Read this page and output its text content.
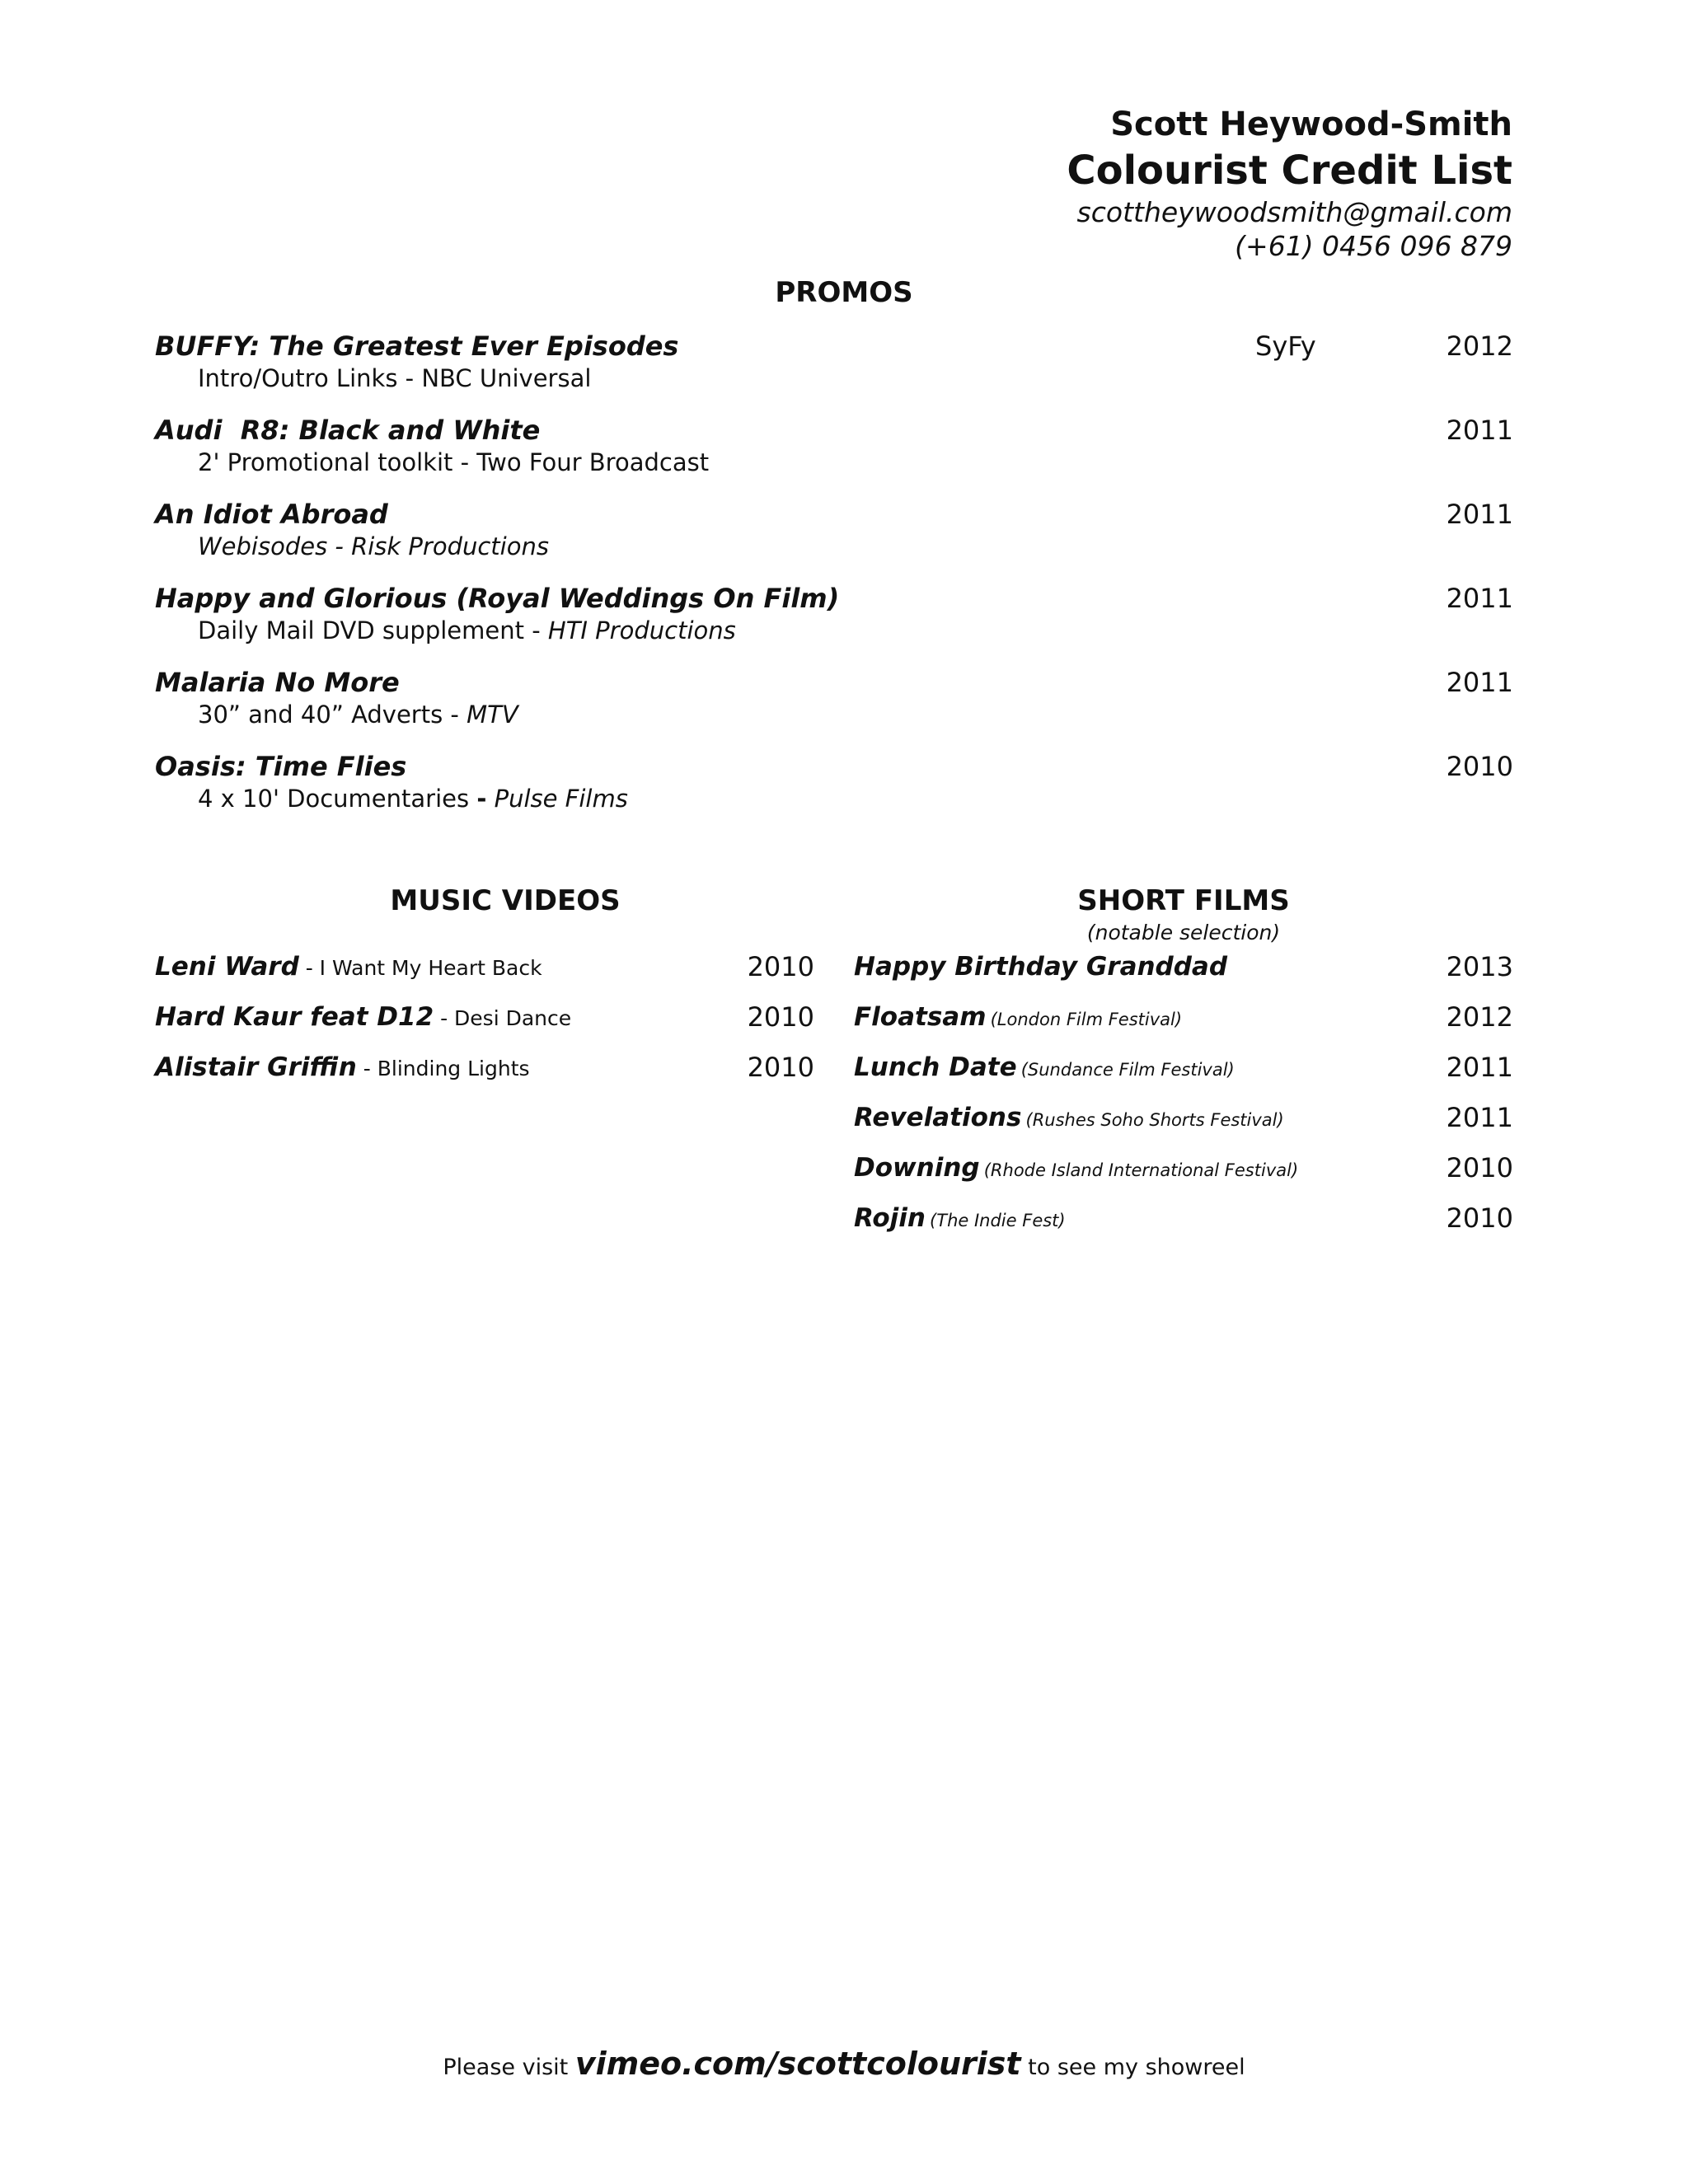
Scott Heywood-Smith
Colourist Credit List
scottheywoodsmith@gmail.com
(+61) 0456 096 879
PROMOS
BUFFY: The Greatest Ever Episodes
Intro/Outro Links - NBC Universal
SyFy	2012
Audi  R8: Black and White
2' Promotional toolkit - Two Four Broadcast
2011
An Idiot Abroad
Webisodes - Risk Productions
2011
Happy and Glorious (Royal Weddings On Film)
Daily Mail DVD supplement - HTI Productions
2011
Malaria No More
30” and 40” Adverts - MTV
2011
Oasis: Time Flies
4 x 10' Documentaries - Pulse Films
2010
MUSIC VIDEOS
Leni Ward - I Want My Heart Back	2010
Hard Kaur feat D12 - Desi Dance	2010
Alistair Griffin - Blinding Lights	2010
SHORT FILMS
(notable selection)
Happy Birthday Granddad	2013
Floatsam (London Film Festival)	2012
Lunch Date (Sundance Film Festival)	2011
Revelations (Rushes Soho Shorts Festival)	2011
Downing (Rhode Island International Festival)	2010
Rojin (The Indie Fest)	2010
Please visit vimeo.com/scottcolourist to see my showreel
